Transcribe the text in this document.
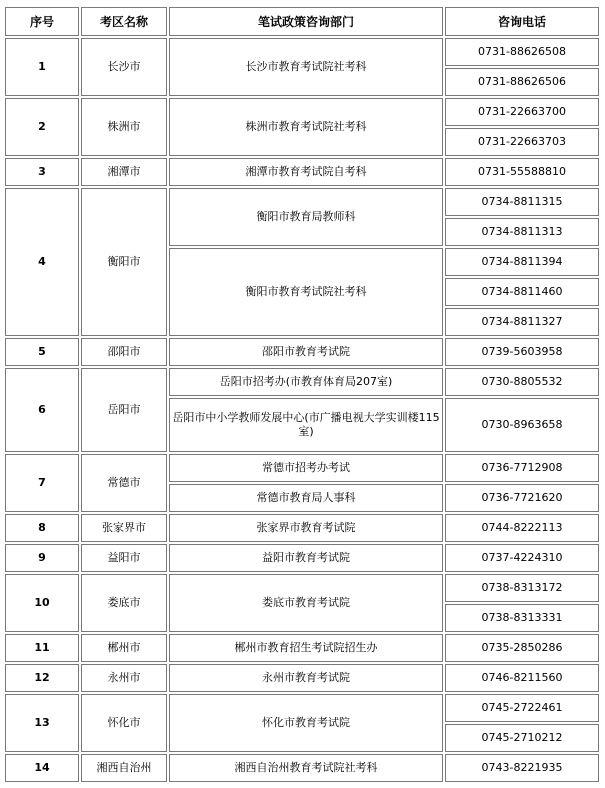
序号	考区名称	笔试政策咨询部门	咨询电话
1	长沙市	长沙市教育考试院社考科	0731-88626508
			0731-88626506
2	株洲市	株洲市教育考试院社考科	0731-22663700
			0731-22663703
3	湘潭市	湘潭市教育考试院自考科	0731-55588810
4	衡阳市	衡阳市教育局教师科	0734-8811315
			0734-8811313
		衡阳市教育考试院社考科	0734-8811394
			0734-8811460
			0734-8811327
5	邵阳市	邵阳市教育考试院	0739-5603958
6	岳阳市	岳阳市招考办(市教育体育局207室)	0730-8805532
		岳阳市中小学教师发展中心(市广播电视大学实训楼115室)	0730-8963658
7	常德市	常德市招考办考试	0736-7712908
		常德市教育局人事科	0736-7721620
8	张家界市	张家界市教育考试院	0744-8222113
9	益阳市	益阳市教育考试院	0737-4224310
10	娄底市	娄底市教育考试院	0738-8313172
			0738-8313331
11	郴州市	郴州市教育招生考试院招生办	0735-2850286
12	永州市	永州市教育考试院	0746-8211560
13	怀化市	怀化市教育考试院	0745-2722461
			0745-2710212
14	湘西自治州	湘西自治州教育考试院社考科	0743-8221935
